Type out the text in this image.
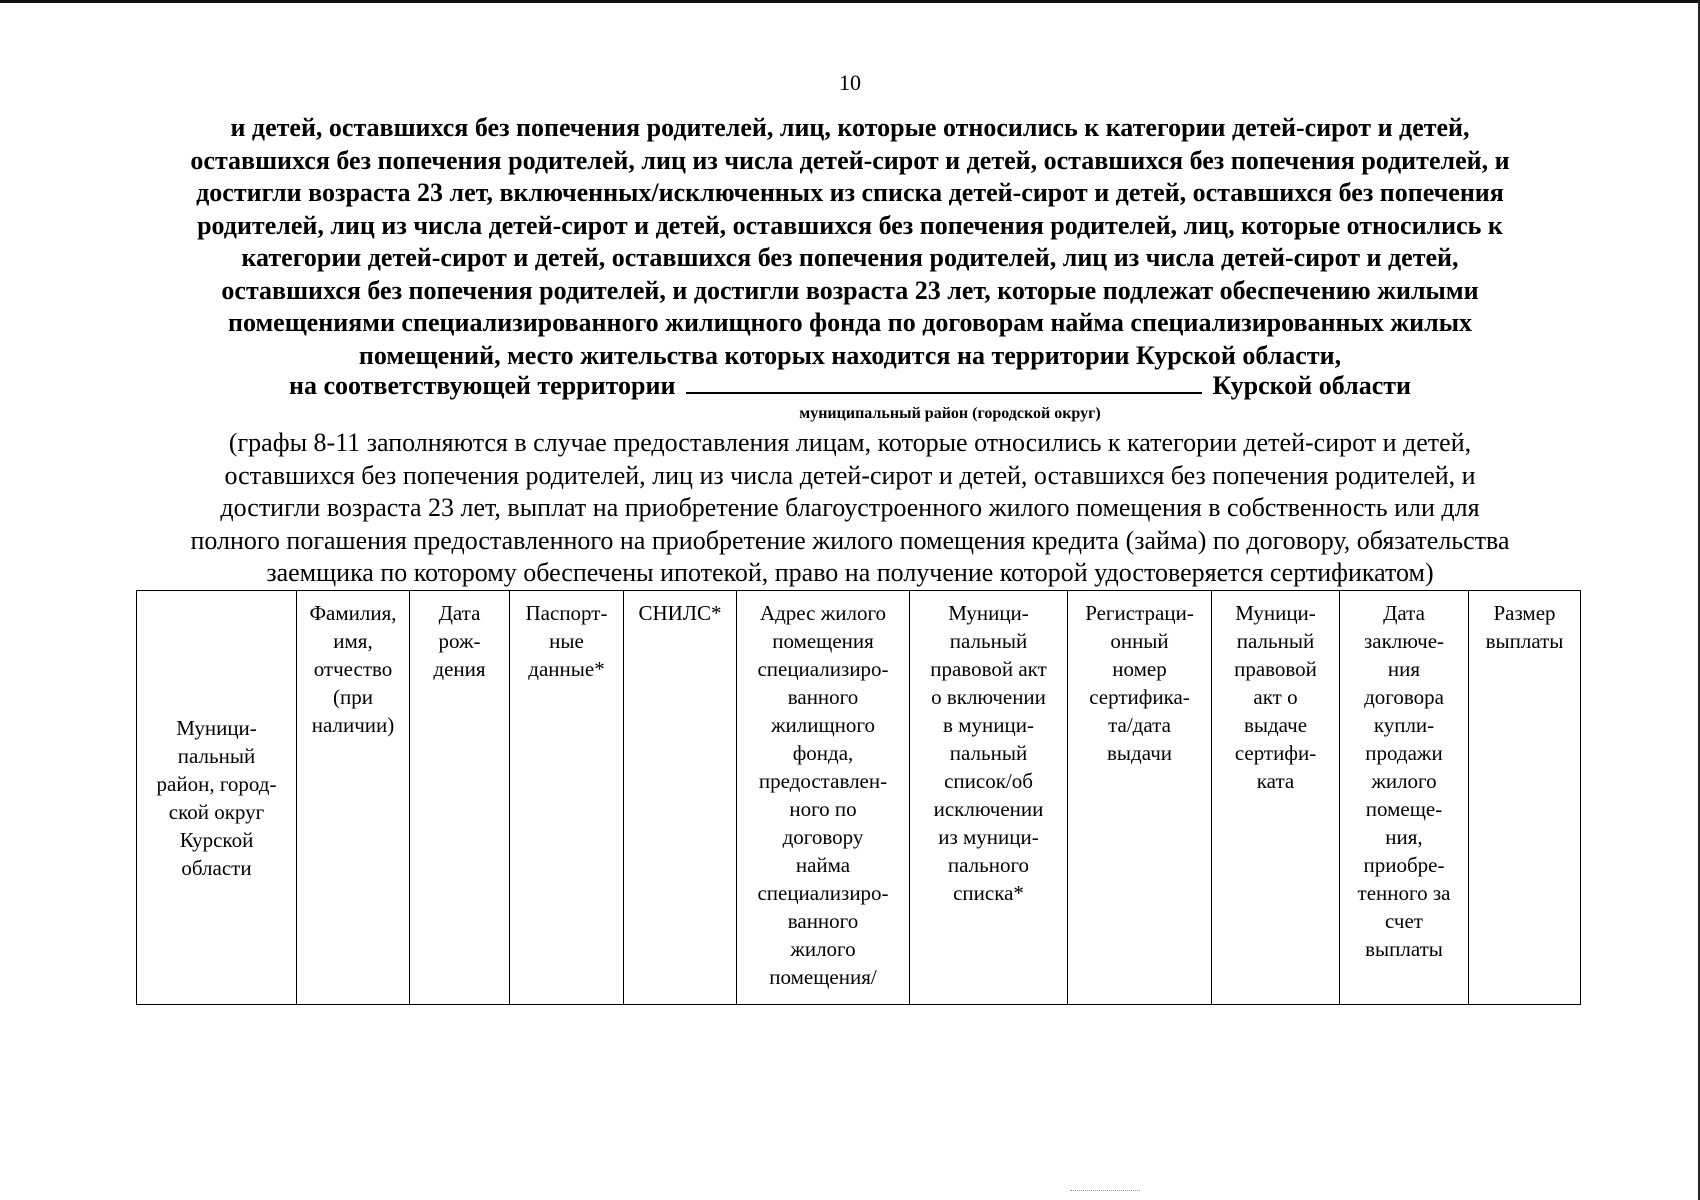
10
и детей, оставшихся без попечения родителей, лиц, которые относились к категории детей-сирот и детей,
оставшихся без попечения родителей, лиц из числа детей-сирот и детей, оставшихся без попечения родителей, и
достигли возраста 23 лет, включенных/исключенных из списка детей-сирот и детей, оставшихся без попечения
родителей, лиц из числа детей-сирот и детей, оставшихся без попечения родителей, лиц, которые относились к
категории детей-сирот и детей, оставшихся без попечения родителей, лиц из числа детей-сирот и детей,
оставшихся без попечения родителей, и достигли возраста 23 лет, которые подлежат обеспечению жилыми
помещениями специализированного жилищного фонда по договорам найма специализированных жилых
помещений, место жительства которых находится на территории Курской области,
на соответствующей территории	Курской области
муниципальный район (городской округ)
(графы 8-11 заполняются в случае предоставления лицам, которые относились к категории детей-сирот и детей,
оставшихся без попечения родителей, лиц из числа детей-сирот и детей, оставшихся без попечения родителей, и
достигли возраста 23 лет, выплат на приобретение благоустроенного жилого помещения в собственность или для
полного погашения предоставленного на приобретение жилого помещения кредита (займа) по договору, обязательства
заемщика по которому обеспечены ипотекой, право на получение которой удостоверяется сертификатом)
Муници-
пальный
район, город-
ской округ
Курской
области	Фамилия,
имя,
отчество
(при
наличии)	Дата
рож-
дения	Паспорт-
ные
данные*	СНИЛС*	Адрес жилого
помещения
специализиро-
ванного
жилищного
фонда,
предоставлен-
ного по
договору
найма
специализиро-
ванного
жилого
помещения/	Муници-
пальный
правовой акт
о включении
в муници-
пальный
список/об
исключении
из муници-
пального
списка*	Регистраци-
онный
номер
сертифика-
та/дата
выдачи	Муници-
пальный
правовой
акт о
выдаче
сертифи-
ката	Дата
заключе-
ния
договора
купли-
продажи
жилого
помеще-
ния,
приобре-
тенного за
счет
выплаты	Размер
выплаты
